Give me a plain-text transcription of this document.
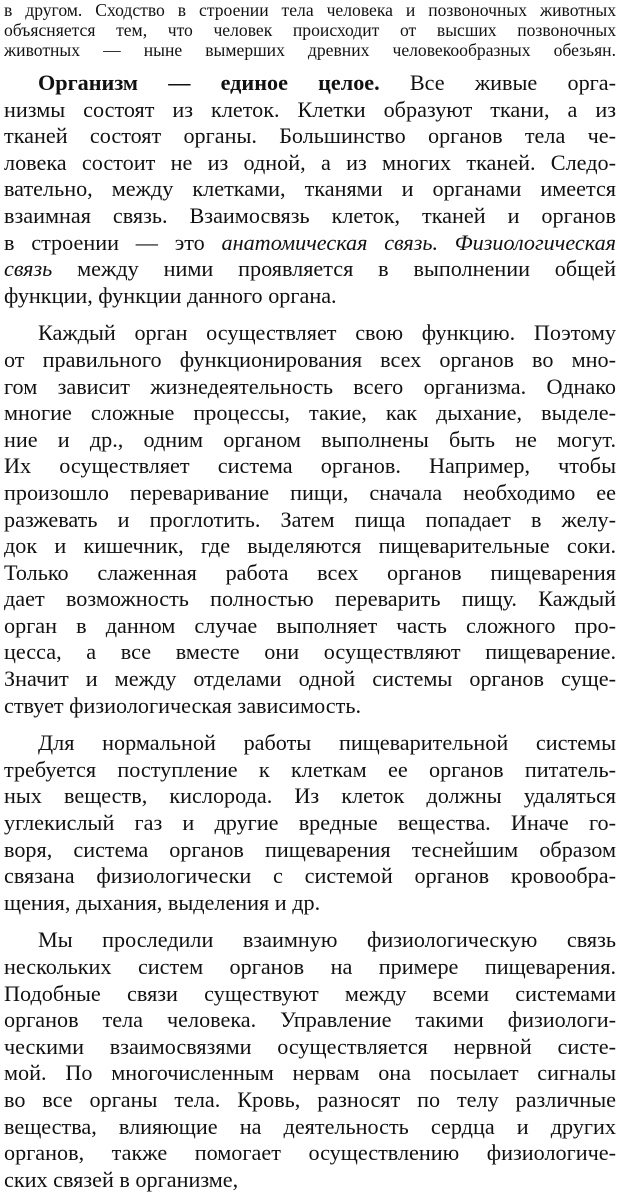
в другом. Сходство в строении тела человека и позвоночных животных
объясняется тем, что человек происходит от высших позвоночных
животных — ныне вымерших древних человекообразных обезьян.
Организм — единое целое. Все живые орга-
низмы состоят из клеток. Клетки образуют ткани, а из
тканей состоят органы. Большинство органов тела че-
ловека состоит не из одной, а из многих тканей. Следо-
вательно, между клетками, тканями и органами имеется
взаимная связь. Взаимосвязь клеток, тканей и органов
в строении — это анатомическая связь. Физиологическая
связь между ними проявляется в выполнении общей
функции, функции данного органа.
Каждый орган осуществляет свою функцию. Поэтому
от правильного функционирования всех органов во мно-
гом зависит жизнедеятельность всего организма. Однако
многие сложные процессы, такие, как дыхание, выделе-
ние и др., одним органом выполнены быть не могут.
Их осуществляет система органов. Например, чтобы
произошло переваривание пищи, сначала необходимо ее
разжевать и проглотить. Затем пища попадает в желу-
док и кишечник, где выделяются пищеварительные соки.
Только слаженная работа всех органов пищеварения
дает возможность полностью переварить пищу. Каждый
орган в данном случае выполняет часть сложного про-
цесса, а все вместе они осуществляют пищеварение.
Значит и между отделами одной системы органов суще-
ствует физиологическая зависимость.
Для нормальной работы пищеварительной системы
требуется поступление к клеткам ее органов питатель-
ных веществ, кислорода. Из клеток должны удаляться
углекислый газ и другие вредные вещества. Иначе го-
воря, система органов пищеварения теснейшим образом
связана физиологически с системой органов кровообра-
щения, дыхания, выделения и др.
Мы проследили взаимную физиологическую связь
нескольких систем органов на примере пищеварения.
Подобные связи существуют между всеми системами
органов тела человека. Управление такими физиологи-
ческими взаимосвязями осуществляется нервной систе-
мой. По многочисленным нервам она посылает сигналы
во все органы тела. Кровь, разносят по телу различные
вещества, влияющие на деятельность сердца и других
органов, также помогает осуществлению физиологиче-
ских связей в организме,
